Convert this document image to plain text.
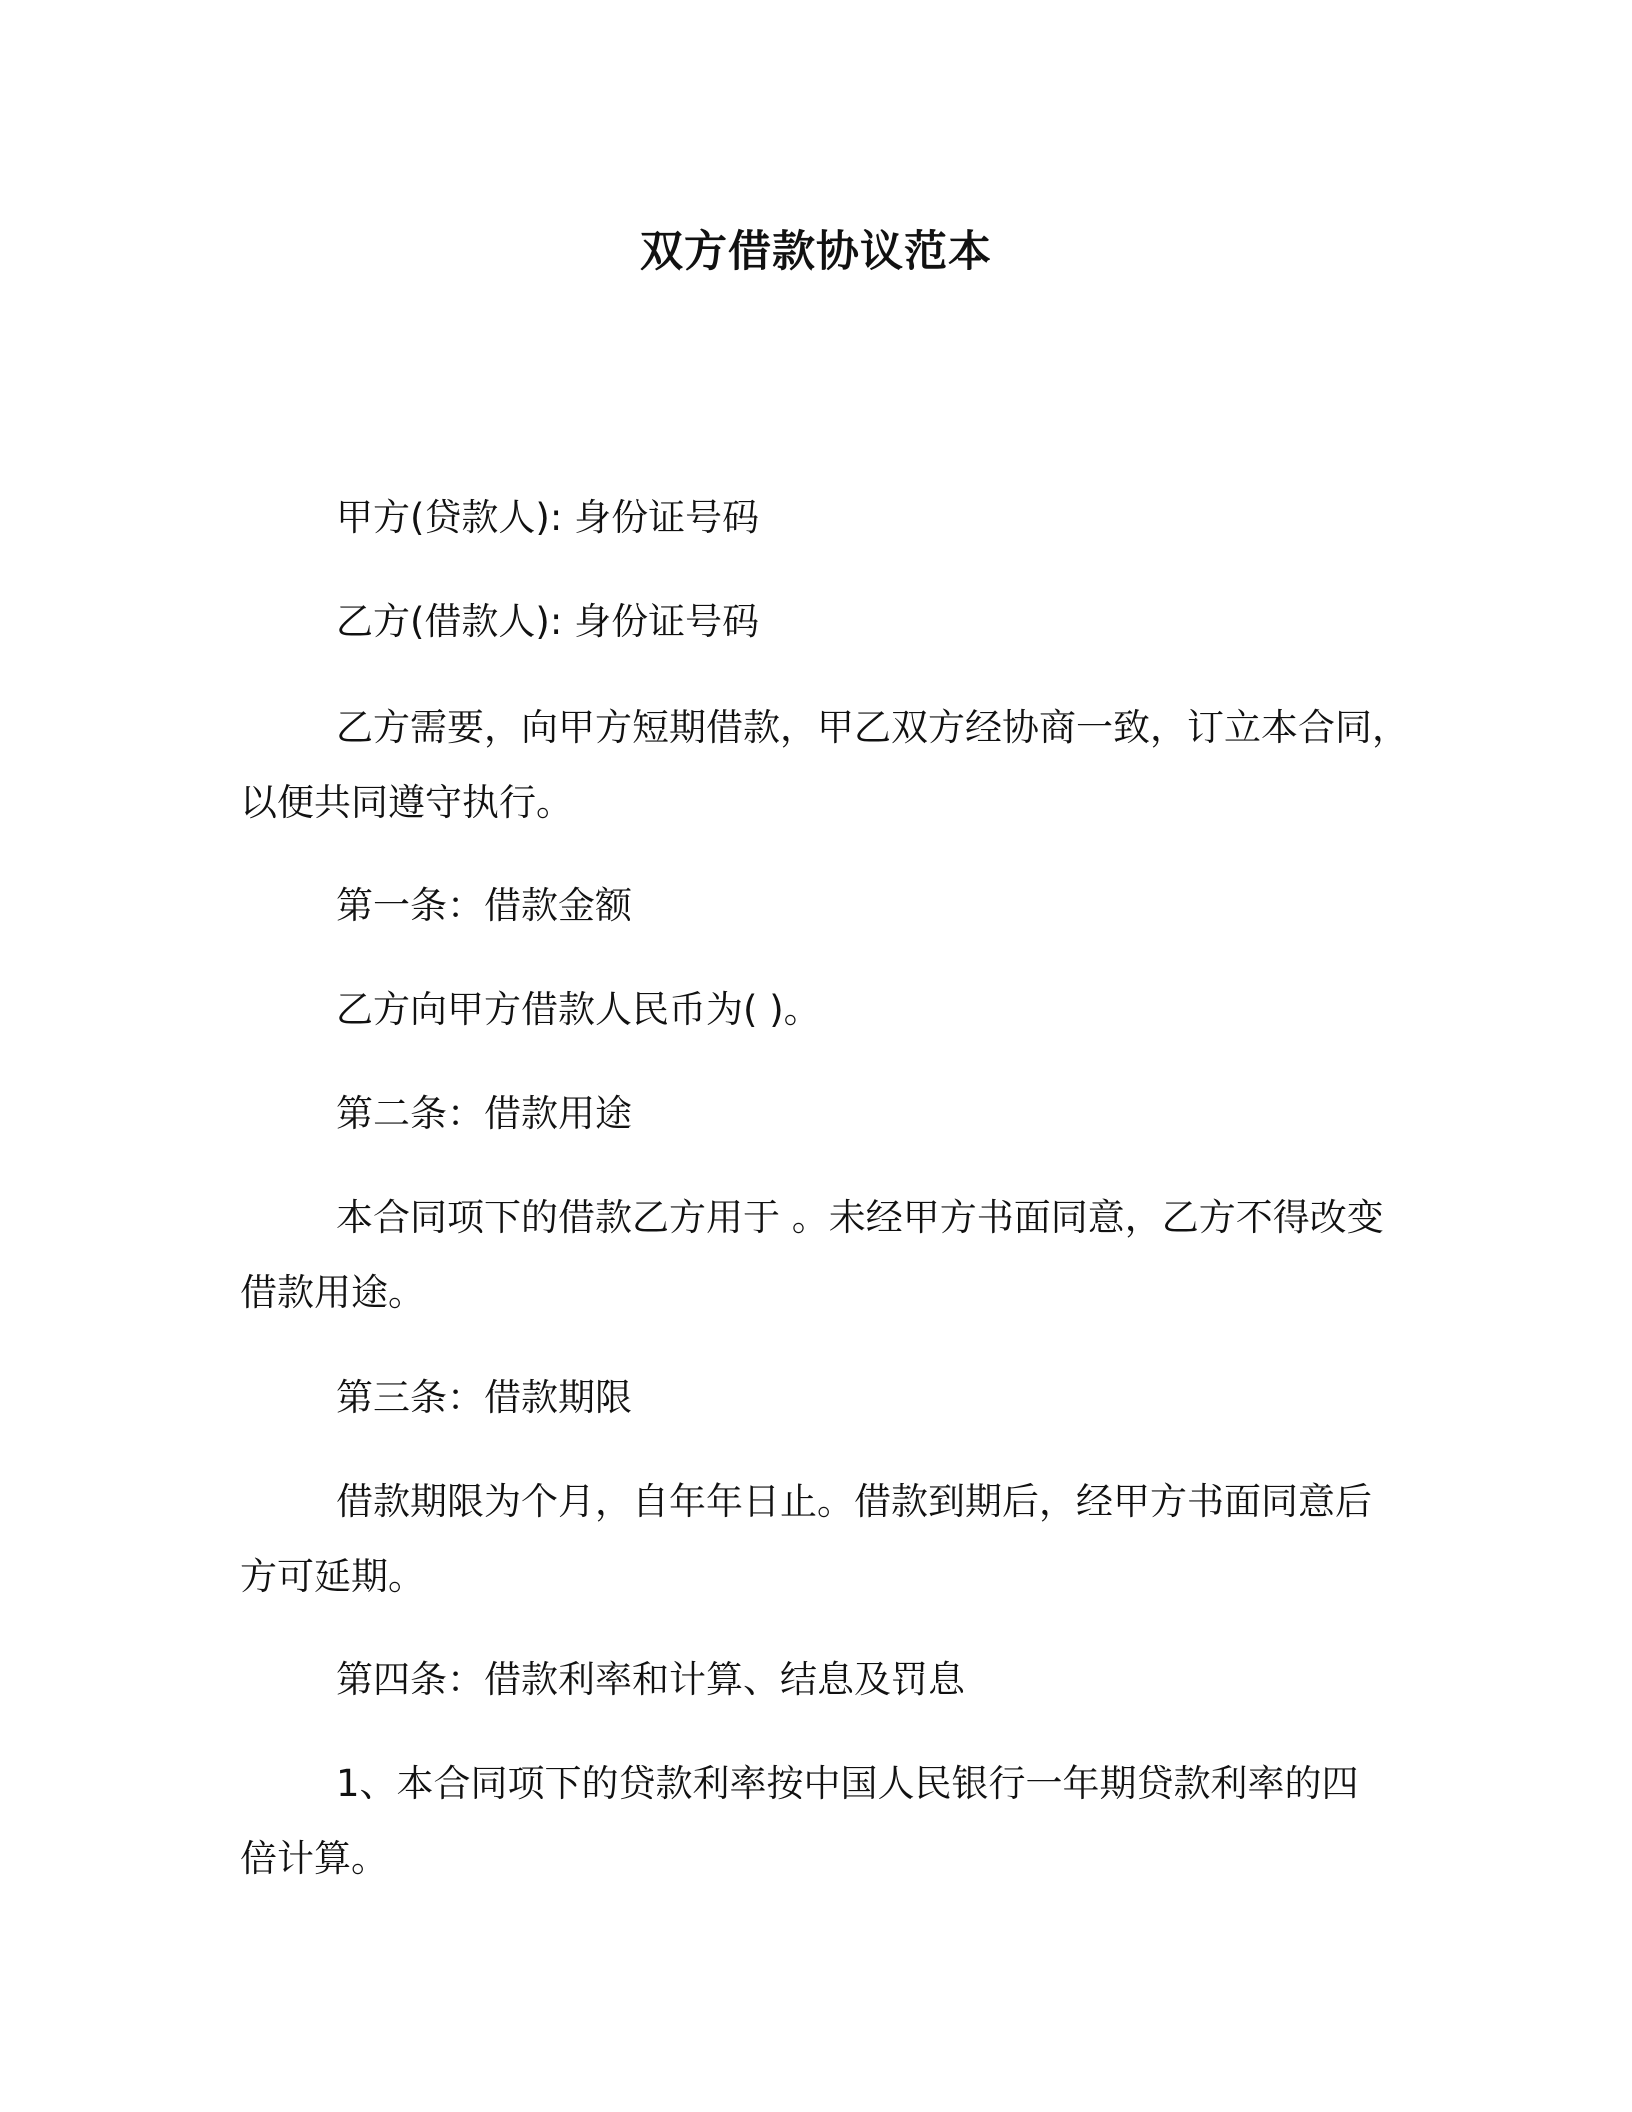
双方借款协议范本
甲方(贷款人): 身份证号码
乙方(借款人): 身份证号码
乙方需要，向甲方短期借款，甲乙双方经协商一致，订立本合同，
以便共同遵守执行。
第一条：借款金额
乙方向甲方借款人民币为( )。
第二条：借款用途
本合同项下的借款乙方用于 。未经甲方书面同意，乙方不得改变
借款用途。
第三条：借款期限
借款期限为个月，自年年日止。借款到期后，经甲方书面同意后
方可延期。
第四条：借款利率和计算、结息及罚息
1、本合同项下的贷款利率按中国人民银行一年期贷款利率的四
倍计算。
